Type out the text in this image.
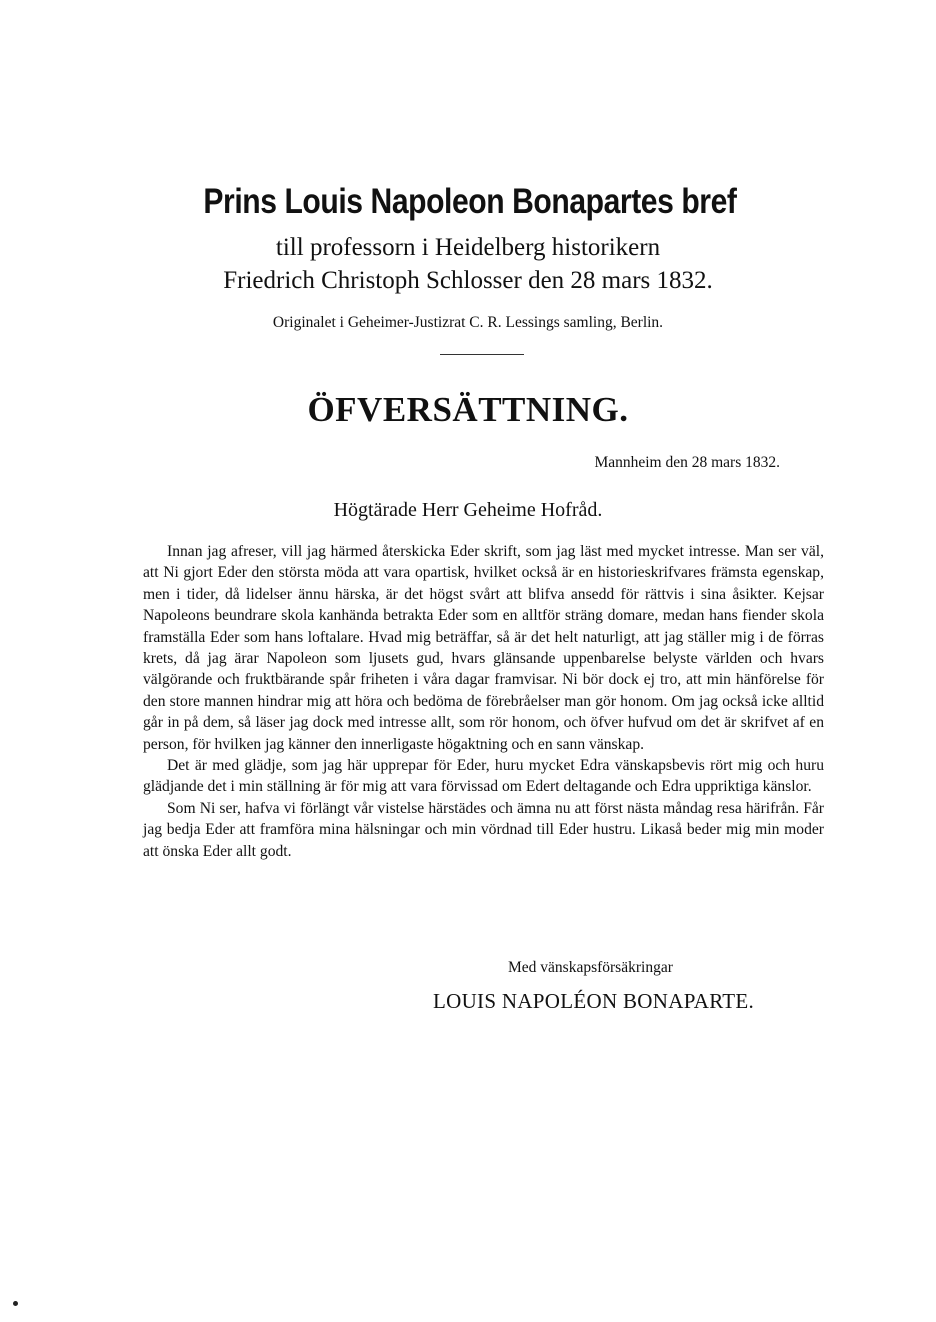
Prins Louis Napoleon Bonapartes bref

till professorn i Heidelberg historikern

Friedrich Christoph Schlosser den 28 mars 1832.

Originalet i Geheimer-Justizrat C. R. Lessings samling, Berlin.

ÖFVERSÄTTNING.

Mannheim den 28 mars 1832.

Högtärade Herr Geheime Hofråd.

Innan jag afreser, vill jag härmed återskicka Eder skrift, som jag läst med mycket intresse. Man ser väl, att Ni gjort Eder den största möda att vara opartisk, hvilket också är en historieskrifvares främsta egenskap, men i tider, då lidelser ännu härska, är det högst svårt att blifva ansedd för rättvis i sina åsikter. Kejsar Napoleons beundrare skola kanhända betrakta Eder som en alltför sträng domare, medan hans fiender skola framställa Eder som hans loftalare. Hvad mig beträffar, så är det helt naturligt, att jag ställer mig i de förras krets, då jag ärar Napoleon som ljusets gud, hvars glänsande uppenbarelse belyste världen och hvars välgörande och fruktbärande spår friheten i våra dagar framvisar. Ni bör dock ej tro, att min hänförelse för den store mannen hindrar mig att höra och bedöma de förebråelser man gör honom. Om jag också icke alltid går in på dem, så läser jag dock med intresse allt, som rör honom, och öfver hufvud om det är skrifvet af en person, för hvilken jag känner den innerligaste högaktning och en sann vänskap.

Det är med glädje, som jag här upprepar för Eder, huru mycket Edra vänskapsbevis rört mig och huru glädjande det i min ställning är för mig att vara förvissad om Edert deltagande och Edra uppriktiga känslor.

Som Ni ser, hafva vi förlängt vår vistelse härstädes och ämna nu att först nästa måndag resa härifrån. Får jag bedja Eder att framföra mina hälsningar och min vördnad till Eder hustru. Likaså beder mig min moder att önska Eder allt godt.

Med vänskapsförsäkringar

LOUIS NAPOLÉON BONAPARTE.
